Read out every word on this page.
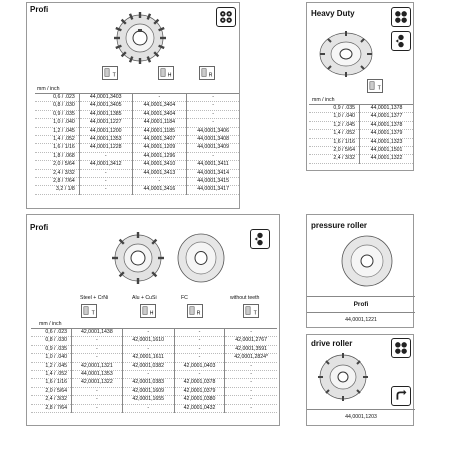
Profi
T	H	R
mm / inch
0,6 / .023	44,0001,3403	-	-
0,8 / .030	44,0001,3405	44,0001,3404	-
0,9 / .035	44,0001,1385	44,0001,3404	-
1,0 / .040	44,0001,1227	44,0001,1184	-
1,2 / .045	44,0001,1200	44,0001,1185	44,0001,3406
1,4 / .052	44,0001,1353	44,0001,3407	44,0001,3408
1,6 / 1/16	44,0001,1228	44,0001,1209	44,0001,3409
1,8 / .068	-	44,0001,1296	-
2,0 / 5/64	44,0001,3412	44,0001,3410	44,0001,3411
2,4 / 3/32	-	44,0001,3413	44,0001,3414
2,8 / 7/64	-	-	44,0001,3415
3,2 / 1/8	-	44,0001,3416	44,0001,3417
Heavy Duty
T
mm / inch
0,9 / .035	44,0001,1378
1,0 / .040	44,0001,1377
1,2 / .045	44,0001,1378
1,4 / .052	44,0001,1379
1,6 / 1/16	44,0001,1323
2,0 / 5/64	44,0001,1501
2,4 / 3/32	44,0001,1322
Profi
Steel + CrNi	Alu + CuSi	FC	without teeth
T	H	R	T
mm / inch
0,6 / .023	42,0001,1438	-	-	-
0,8 / .030	-	42,0001,1610	-	42,0001,2767
0,9 / .035	-	-	-	42,0001,3591
1,0 / .040	-	42,0001,1611	-	42,0001,2824*
1,2 / .045	42,0001,1321	42,0001,0382	42,0001,0403	-
1,4 / .052	44,0001,1353	-	-	-
1,6 / 1/16	42,0001,1322	42,0001,0383	42,0001,0378	-
2,0 / 5/64	-	42,0001,1609	42,0001,0379	-
2,4 / 3/32	-	42,0001,1655	42,0001,0380	-
2,8 / 7/64	-	-	42,0001,0432	-
pressure roller
Profi
44,0001,1221
drive roller
44,0001,1203
